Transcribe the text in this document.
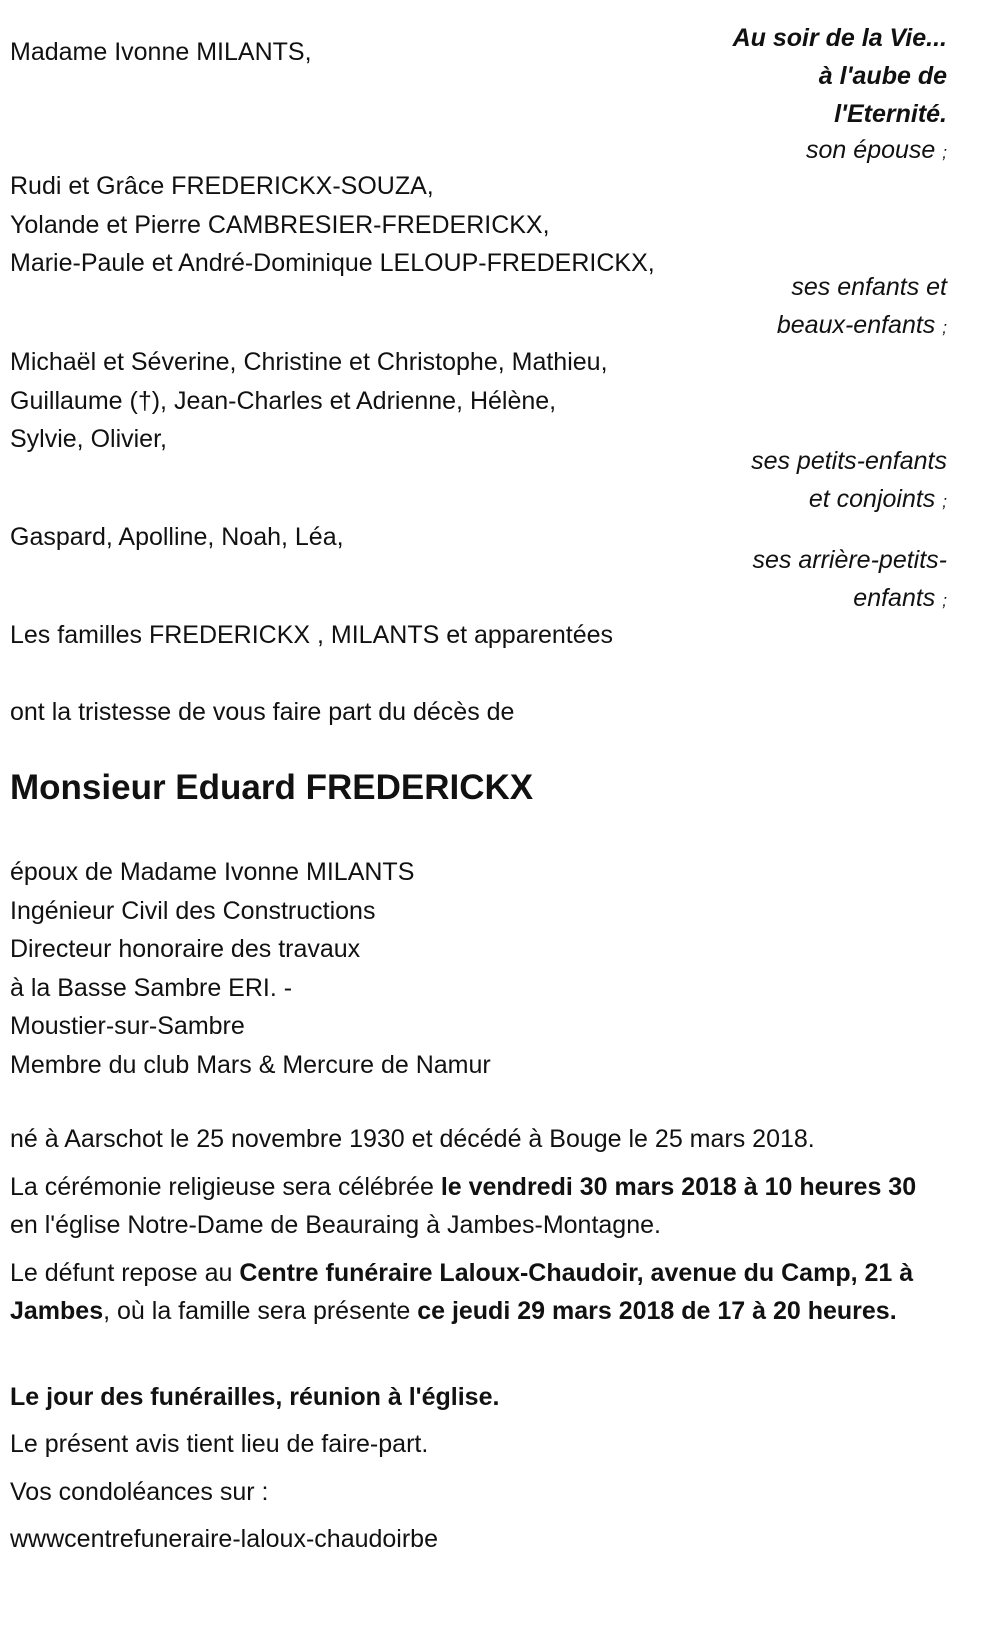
Au soir de la Vie...
à l'aube de
l'Eternité.
son épouse ;
Madame Ivonne MILANTS,
Rudi et Grâce FREDERICKX-SOUZA,
Yolande et Pierre CAMBRESIER-FREDERICKX,
Marie-Paule et André-Dominique LELOUP-FREDERICKX,
ses enfants et
beaux-enfants ;
Michaël et Séverine, Christine et Christophe, Mathieu,
Guillaume (†), Jean-Charles et Adrienne, Hélène,
Sylvie, Olivier,
ses petits-enfants
et conjoints ;
Gaspard, Apolline, Noah, Léa,
ses arrière-petits-
enfants ;
Les familles FREDERICKX , MILANTS et apparentées
ont la tristesse de vous faire part du décès de
Monsieur Eduard FREDERICKX
époux de Madame Ivonne MILANTS
Ingénieur Civil des Constructions
Directeur honoraire des travaux
à la Basse Sambre ERI. -
Moustier-sur-Sambre
Membre du club Mars & Mercure de Namur
né à Aarschot le 25 novembre 1930 et décédé à Bouge le 25 mars 2018.
La cérémonie religieuse sera célébrée le vendredi 30 mars 2018 à 10 heures 30 en l'église Notre-Dame de Beauraing à Jambes-Montagne.
Le défunt repose au Centre funéraire Laloux-Chaudoir, avenue du Camp, 21 à Jambes, où la famille sera présente ce jeudi 29 mars 2018 de 17 à 20 heures.
Le jour des funérailles, réunion à l'église.
Le présent avis tient lieu de faire-part.
Vos condoléances sur :
wwwcentrefuneraire-laloux-chaudoirbe
